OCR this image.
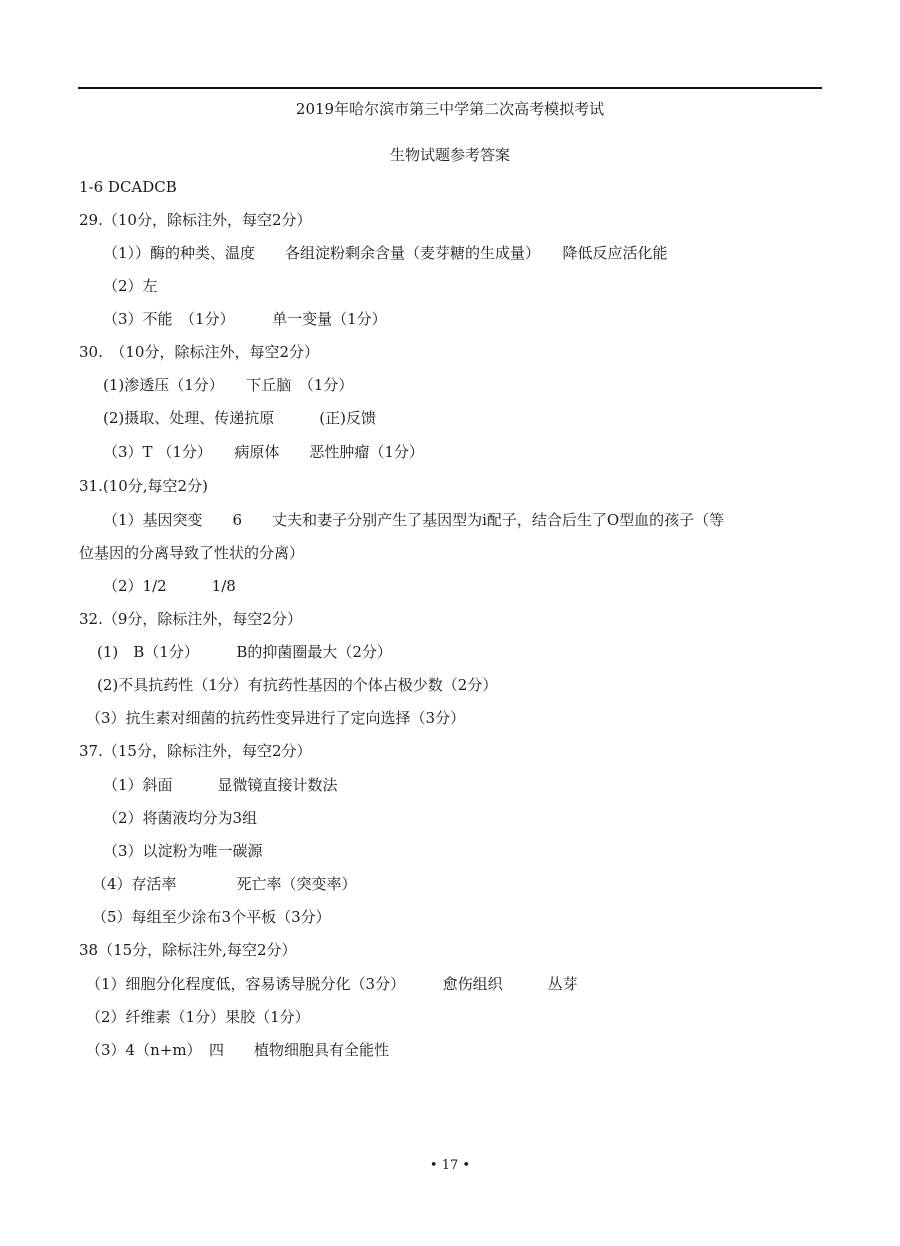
2019年哈尔滨市第三中学第二次高考模拟考试
生物试题参考答案
1-6 DCADCB
29.（10分，除标注外，每空2分）
（1））酶的种类、温度　　各组淀粉剩余含量（麦芽糖的生成量）　　降低反应活化能
（2）左
（3）不能　（1分）　　　单一变量（1分）
30.　（10分，除标注外，每空2分）
(1)渗透压（1分）　　下丘脑　（1分）
(2)摄取、处理、传递抗原　　　(正)反馈
（3）T （1分）　　病原体　　恶性肿瘤（1分）
31.(10分,每空2分)
（1）基因突变　　6　　丈夫和妻子分别产生了基因型为i配子，结合后生了O型血的孩子（等
位基因的分离导致了性状的分离）
（2）1/2　　　1/8
32.（9分，除标注外，每空2分）
(1)　B（1分）　　　B的抑菌圈最大（2分）
(2)不具抗药性（1分）有抗药性基因的个体占极少数（2分）
（3）抗生素对细菌的抗药性变异进行了定向选择（3分）
37.（15分，除标注外，每空2分）
（1）斜面　　　显微镜直接计数法
（2）将菌液均分为3组
（3）以淀粉为唯一碳源
（4）存活率　　　　死亡率（突变率）
（5）每组至少涂布3个平板（3分）
38（15分，除标注外,每空2分）
（1）细胞分化程度低，容易诱导脱分化（3分）　　　愈伤组织　　　丛芽
（2）纤维素（1分）果胶（1分）
（3）4（n+m）　四　　植物细胞具有全能性
• 17 •
